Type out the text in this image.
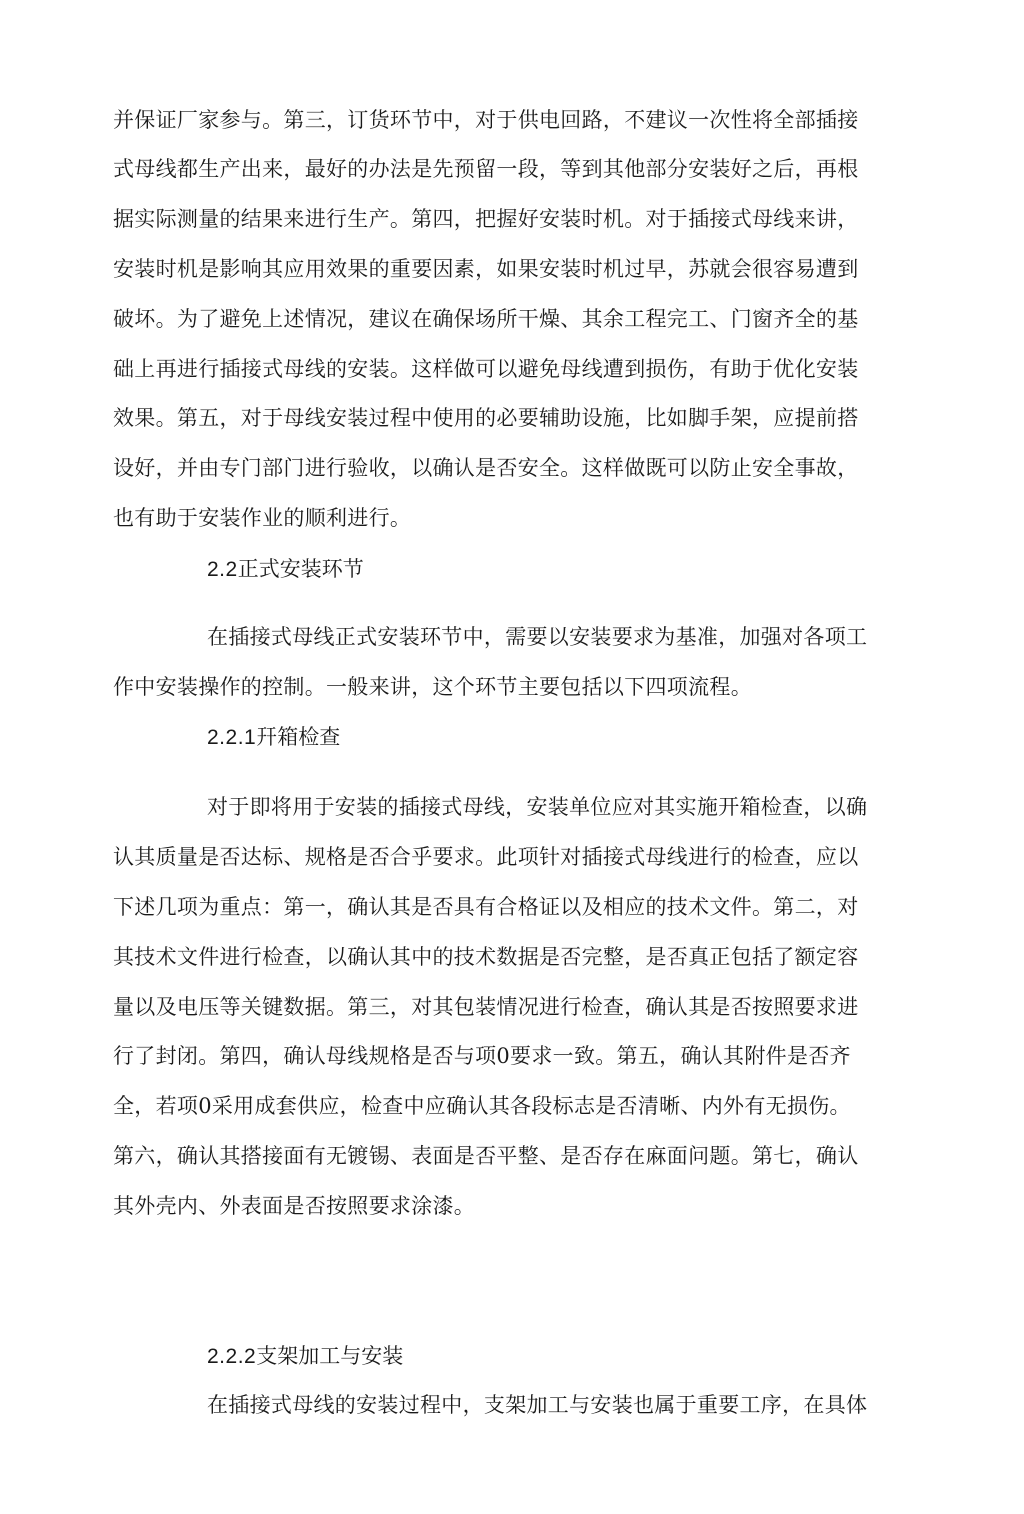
并保证厂家参与。第三，订货环节中，对于供电回路，不建议一次性将全部插接
式母线都生产出来，最好的办法是先预留一段，等到其他部分安装好之后，再根
据实际测量的结果来进行生产。第四，把握好安装时机。对于插接式母线来讲，
安装时机是影响其应用效果的重要因素，如果安装时机过早，苏就会很容易遭到
破坏。为了避免上述情况，建议在确保场所干燥、其余工程完工、门窗齐全的基
础上再进行插接式母线的安装。这样做可以避免母线遭到损伤，有助于优化安装
效果。第五，对于母线安装过程中使用的必要辅助设施，比如脚手架，应提前搭
设好，并由专门部门进行验收，以确认是否安全。这样做既可以防止安全事故，
也有助于安装作业的顺利进行。
2.2正式安装环节
在插接式母线正式安装环节中，需要以安装要求为基准，加强对各项工
作中安装操作的控制。一般来讲，这个环节主要包括以下四项流程。
2.2.1幵箱检查
对于即将用于安装的插接式母线，安装单位应对其实施开箱检查，以确
认其质量是否达标、规格是否合乎要求。此项针对插接式母线进行的检查，应以
下述几项为重点：第一，确认其是否具有合格证以及相应的技术文件。第二，对
其技术文件进行检查，以确认其中的技术数据是否完整，是否真正包括了额定容
量以及电压等关键数据。第三，对其包装情况进行检查，确认其是否按照要求进
行了封闭。第四，确认母线规格是否与项0要求一致。第五，确认其附件是否齐
全，若项0采用成套供应，检查中应确认其各段标志是否清晰、内外有无损伤。
第六，确认其搭接面有无镀锡、表面是否平整、是否存在麻面问题。第七，确认
其外壳内、外表面是否按照要求涂漆。
2.2.2支架加工与安装
在插接式母线的安装过程中，支架加工与安装也属于重要工序，在具体
